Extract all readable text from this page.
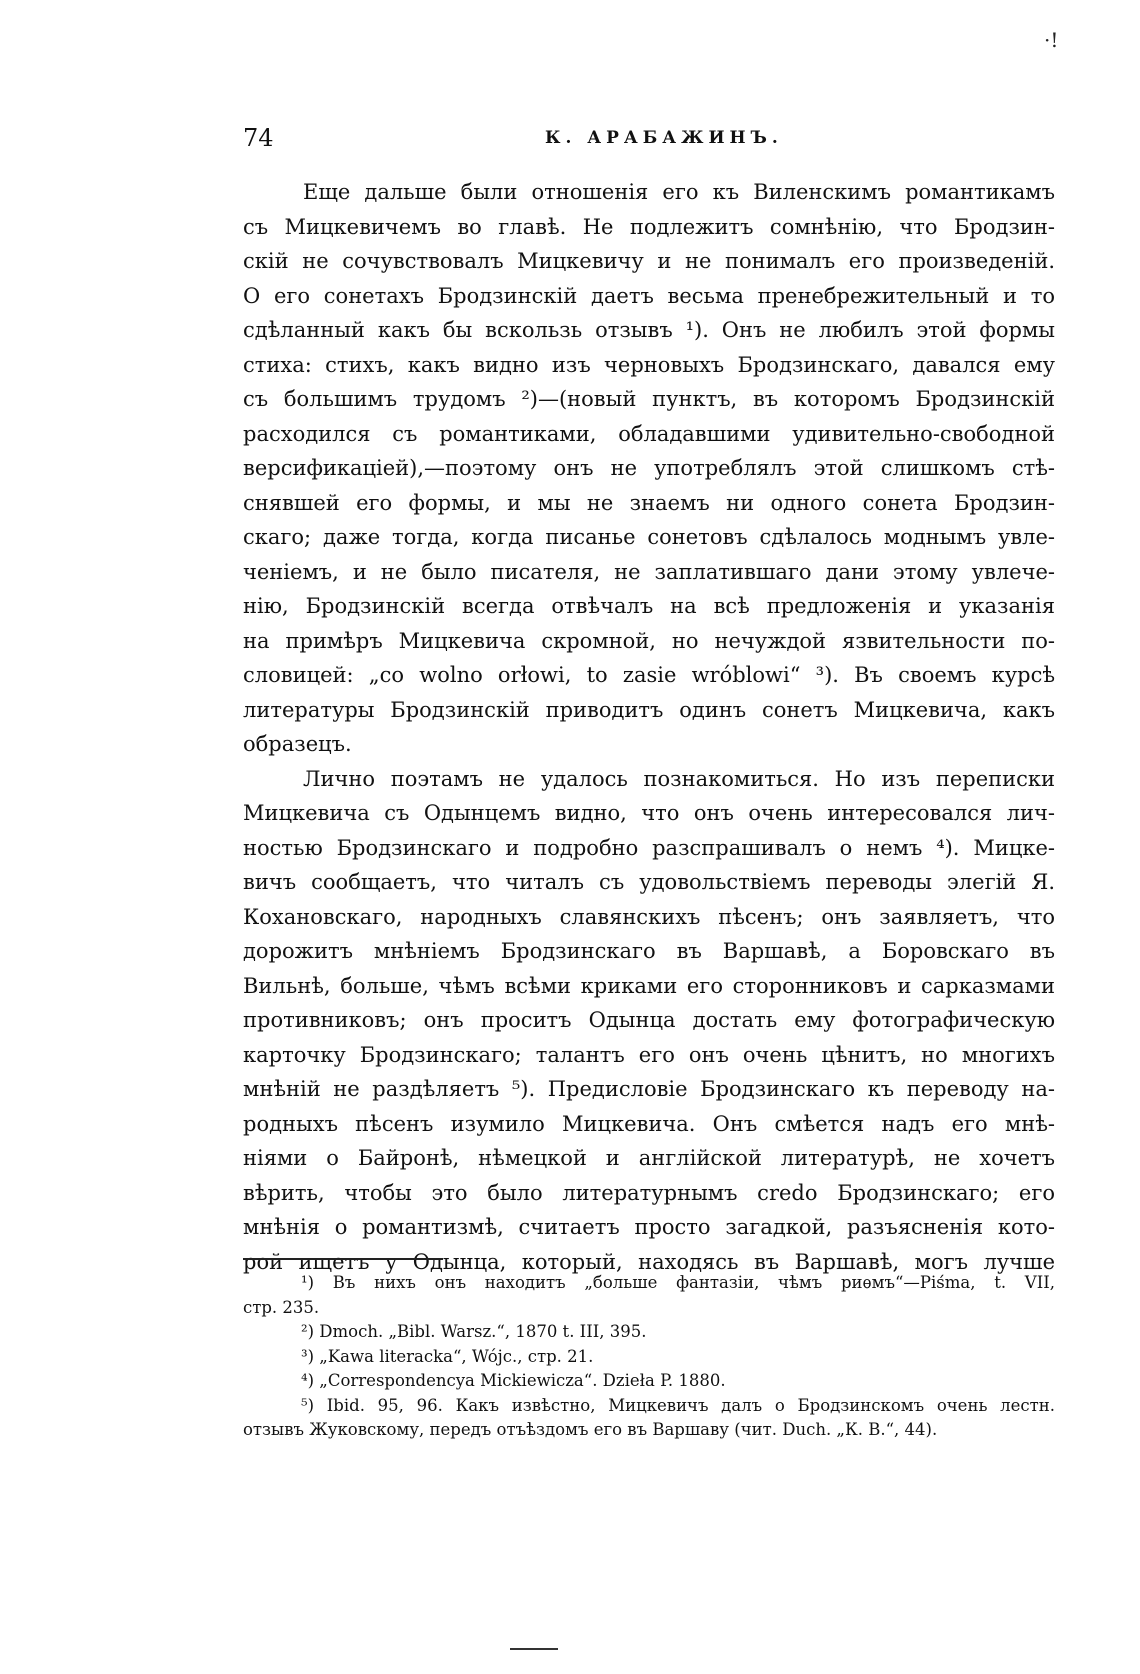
·!
74	К. АРАБАЖИНЪ.
Еще дальше были отношенія его къ Виленскимъ романтикамъ
съ Мицкевичемъ во главѣ. Не подлежитъ сомнѣнію, что Бродзин-
скій не сочувствовалъ Мицкевичу и не понималъ его произведеній.
О его сонетахъ Бродзинскій даетъ весьма пренебрежительный и то
сдѣланный какъ бы вскользь отзывъ ¹). Онъ не любилъ этой формы
стиха: стихъ, какъ видно изъ черновыхъ Бродзинскаго, давался ему
съ большимъ трудомъ ²)—(новый пунктъ, въ которомъ Бродзинскій
расходился съ романтиками, обладавшими удивительно-свободной
версификаціей),—поэтому онъ не употреблялъ этой слишкомъ стѣ-
снявшей его формы, и мы не знаемъ ни одного сонета Бродзин-
скаго; даже тогда, когда писанье сонетовъ сдѣлалось моднымъ увле-
ченіемъ, и не было писателя, не заплатившаго дани этому увлече-
нію, Бродзинскій всегда отвѣчалъ на всѣ предложенія и указанія
на примѣръ Мицкевича скромной, но нечуждой язвительности по-
словицей: „co wolno orłowi, to zasie wróblowi“ ³). Въ своемъ курсѣ
литературы Бродзинскій приводитъ одинъ сонетъ Мицкевича, какъ
образецъ.
Лично поэтамъ не удалось познакомиться. Но изъ переписки
Мицкевича съ Одынцемъ видно, что онъ очень интересовался лич-
ностью Бродзинскаго и подробно разспрашивалъ о немъ ⁴). Мицке-
вичъ сообщаетъ, что читалъ съ удовольствіемъ переводы элегій Я.
Кохановскаго, народныхъ славянскихъ пѣсенъ; онъ заявляетъ, что
дорожитъ мнѣніемъ Бродзинскаго въ Варшавѣ, а Боровскаго въ
Вильнѣ, больше, чѣмъ всѣми криками его сторонниковъ и сарказмами
противниковъ; онъ проситъ Одынца достать ему фотографическую
карточку Бродзинскаго; талантъ его онъ очень цѣнитъ, но многихъ
мнѣній не раздѣляетъ ⁵). Предисловіе Бродзинскаго къ переводу на-
родныхъ пѣсенъ изумило Мицкевича. Онъ смѣется надъ его мнѣ-
ніями о Байронѣ, нѣмецкой и англійской литературѣ, не хочетъ
вѣрить, чтобы это было литературнымъ credo Бродзинскаго; его
мнѣнія о романтизмѣ, считаетъ просто загадкой, разъясненія кото-
рой ищетъ у Одынца, который, находясь въ Варшавѣ, могъ лучше
¹) Въ нихъ онъ находитъ „больше фантазіи, чѣмъ риѳмъ“—Piśma, t. VII,
стр. 235.
²) Dmoch. „Bibl. Warsz.“, 1870 t. III, 395.
³) „Kawa literacka“, Wójc., стр. 21.
⁴) „Correspondencya Mickiewicza“. Dzieła P. 1880.
⁵) Ibid. 95, 96. Какъ извѣстно, Мицкевичъ далъ о Бродзинскомъ очень лестн.
отзывъ Жуковскому, передъ отъѣздомъ его въ Варшаву (чит. Duch. „К. В.“, 44).
